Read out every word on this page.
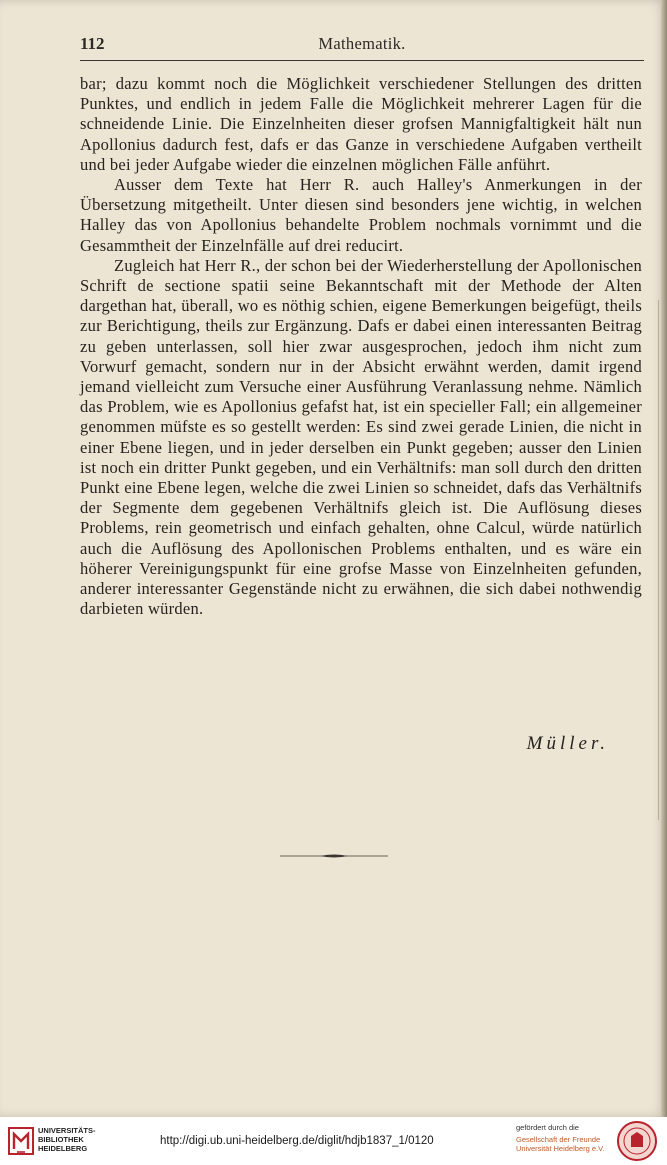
112	Mathematik.

bar; dazu kommt noch die Möglichkeit verschiedener Stellungen des dritten Punktes, und endlich in jedem Falle die Möglichkeit mehrerer Lagen für die schneidende Linie. Die Einzelnheiten dieser grofsen Mannigfaltigkeit hält nun Apollonius dadurch fest, dafs er das Ganze in verschiedene Aufgaben vertheilt und bei jeder Aufgabe wieder die einzelnen möglichen Fälle anführt.

Ausser dem Texte hat Herr R. auch Halley's Anmerkungen in der Übersetzung mitgetheilt. Unter diesen sind besonders jene wichtig, in welchen Halley das von Apollonius behandelte Problem nochmals vornimmt und die Gesammtheit der Einzelnfälle auf drei reducirt.

Zugleich hat Herr R., der schon bei der Wiederherstellung der Apollonischen Schrift de sectione spatii seine Bekanntschaft mit der Methode der Alten dargethan hat, überall, wo es nöthig schien, eigene Bemerkungen beigefügt, theils zur Berichtigung, theils zur Ergänzung. Dafs er dabei einen interessanten Beitrag zu geben unterlassen, soll hier zwar ausgesprochen, jedoch ihm nicht zum Vorwurf gemacht, sondern nur in der Absicht erwähnt werden, damit irgend jemand vielleicht zum Versuche einer Ausführung Veranlassung nehme. Nämlich das Problem, wie es Apollonius gefafst hat, ist ein specieller Fall; ein allgemeiner genommen müfste es so gestellt werden: Es sind zwei gerade Linien, die nicht in einer Ebene liegen, und in jeder derselben ein Punkt gegeben; ausser den Linien ist noch ein dritter Punkt gegeben, und ein Verhältnifs: man soll durch den dritten Punkt eine Ebene legen, welche die zwei Linien so schneidet, dafs das Verhältnifs der Segmente dem gegebenen Verhältnifs gleich ist. Die Auflösung dieses Problems, rein geometrisch und einfach gehalten, ohne Calcul, würde natürlich auch die Auflösung des Apollonischen Problems enthalten, und es wäre ein höherer Vereinigungspunkt für eine grofse Masse von Einzelnheiten gefunden, anderer interessanter Gegenstände nicht zu erwähnen, die sich dabei nothwendig darbieten würden.

Müller.
UNIVERSITÄTS-
BIBLIOTHEK
HEIDELBERG
http://digi.ub.uni-heidelberg.de/diglit/hdjb1837_1/0120
gefördert durch die
Gesellschaft der Freunde
Universität Heidelberg e.V.
